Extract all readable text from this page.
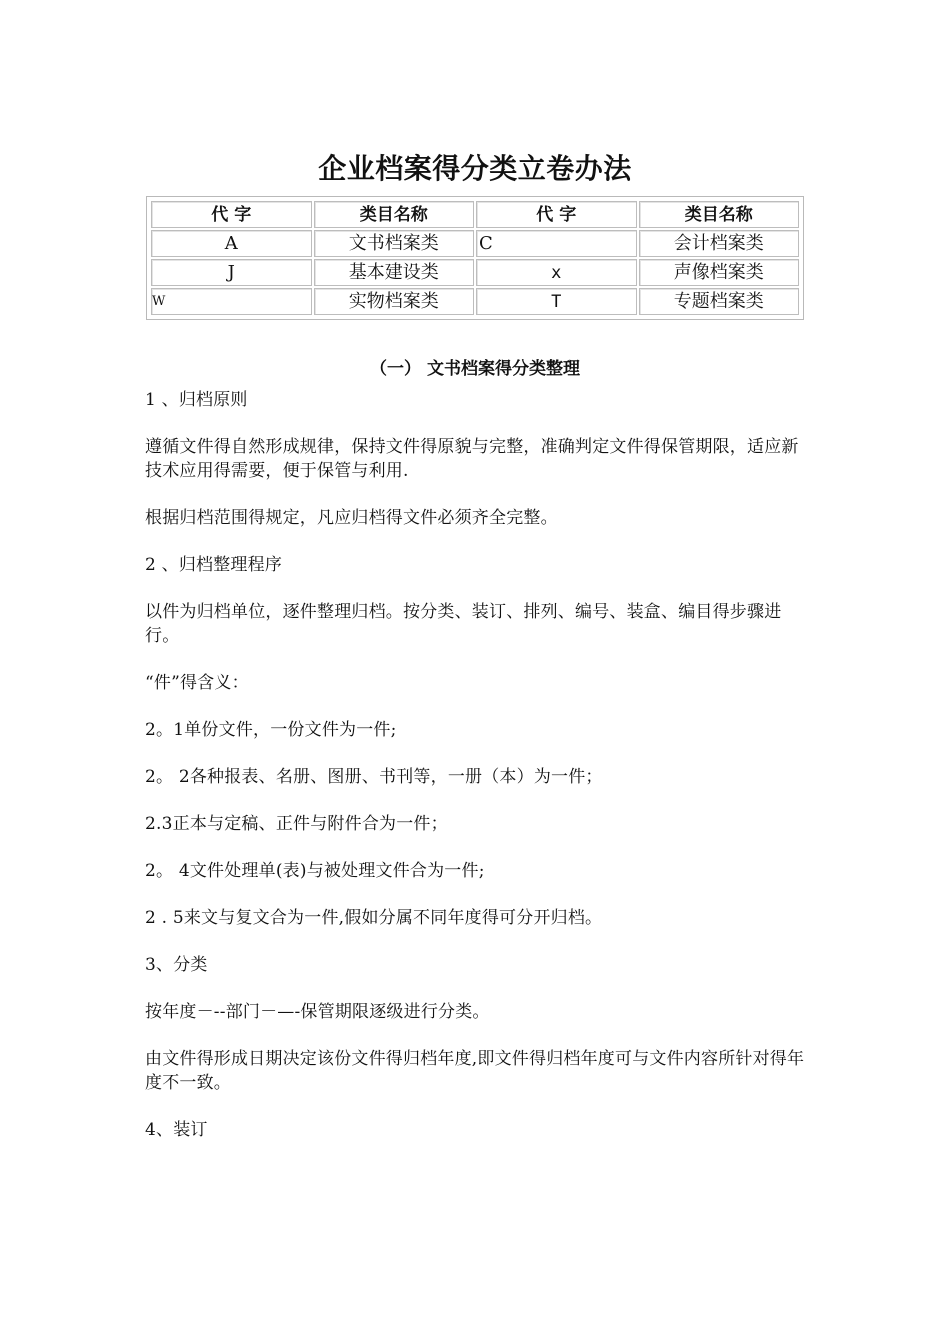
企业档案得分类立卷办法
代 字	类目名称	代 字	类目名称
A	文书档案类	C	会计档案类
J	基本建设类	x	声像档案类
W	实物档案类	T	专题档案类
（一） 文书档案得分类整理

1 、归档原则

遵循文件得自然形成规律，保持文件得原貌与完整，准确判定文件得保管期限，适应新技术应用得需要，便于保管与利用.

根据归档范围得规定，凡应归档得文件必须齐全完整。

2 、归档整理程序

以件为归档单位，逐件整理归档。按分类、装订、排列、编号、装盒、编目得步骤进行。

“件”得含义：

2。1单份文件，一份文件为一件;

2。 2各种报表、名册、图册、书刊等，一册（本）为一件；

2.3正本与定稿、正件与附件合为一件；

2。 4文件处理单(表)与被处理文件合为一件;

2 . 5来文与复文合为一件,假如分属不同年度得可分开归档。

3、分类

按年度－--部门－—-保管期限逐级进行分类。

由文件得形成日期决定该份文件得归档年度,即文件得归档年度可与文件内容所针对得年度不一致。

4、装订
